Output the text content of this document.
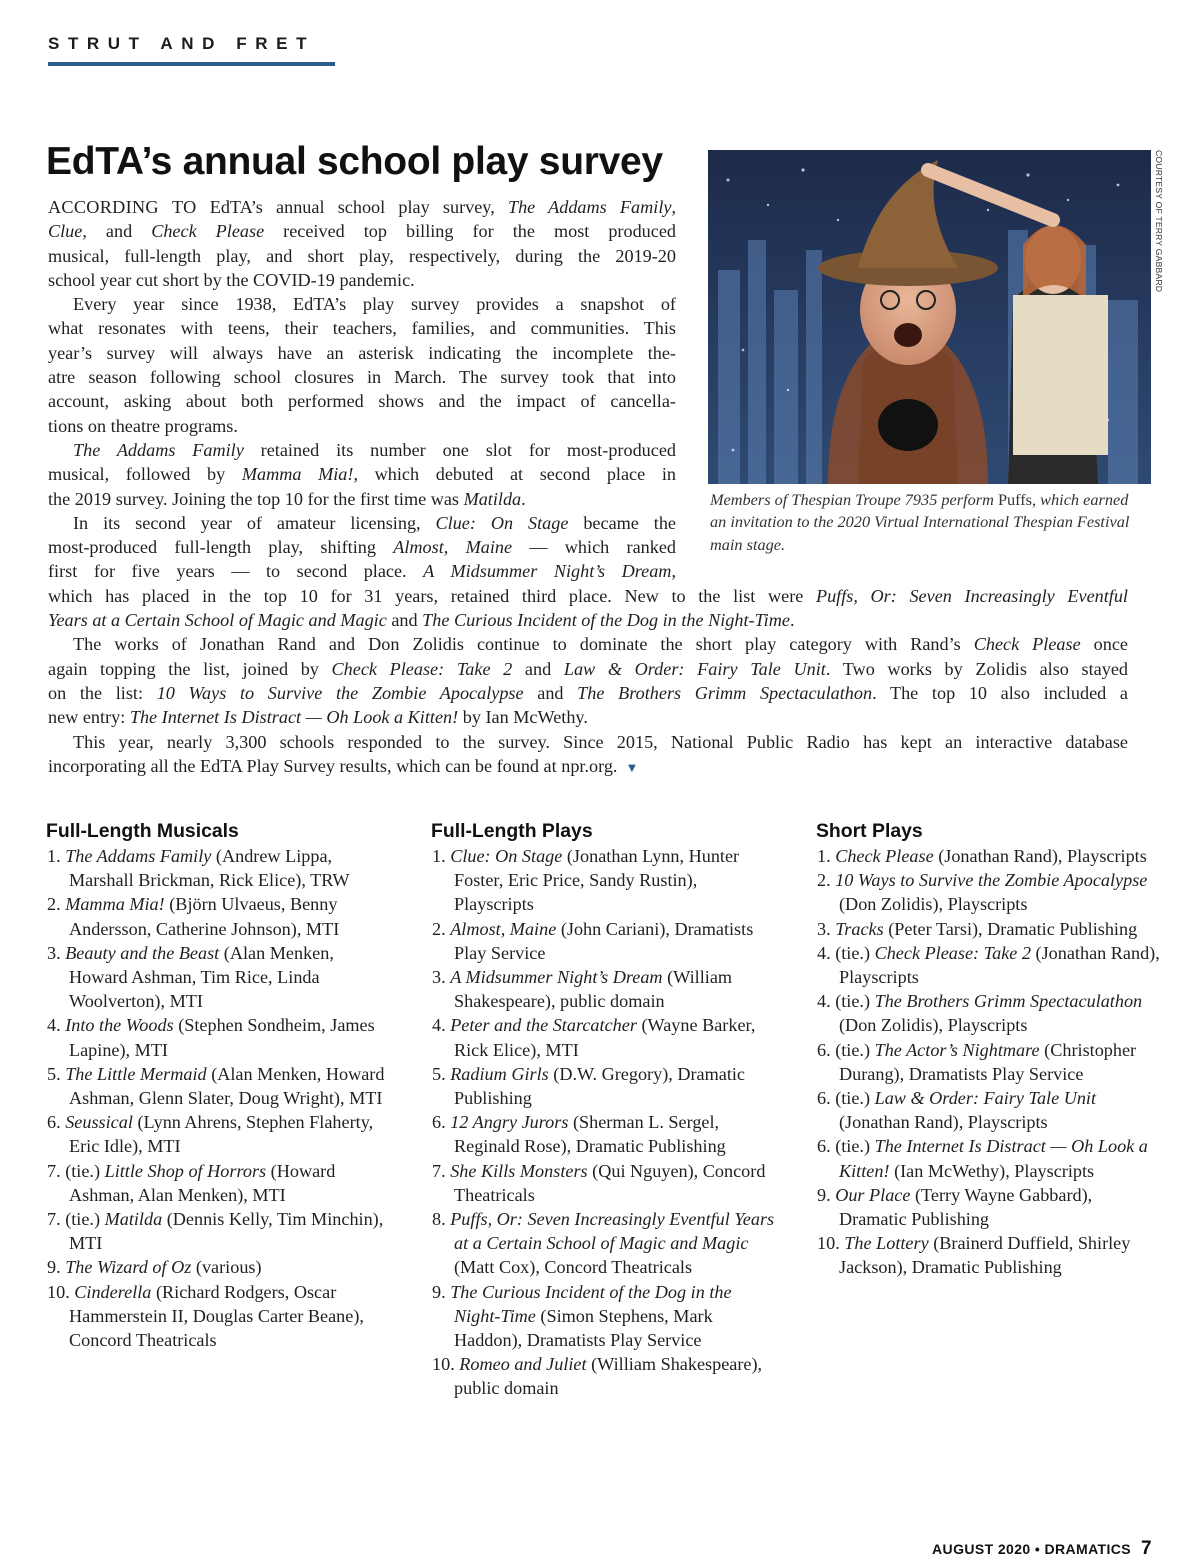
STRUT AND FRET
EdTA’s annual school play survey	COURTESY OF TERRY GABBARD
Members of Thespian Troupe 7935 perform Puffs, which earned an invitation to the 2020 Virtual International Thespian Festival main stage.
ACCORDING TO EdTA’s annual school play survey, The Addams Family,
Clue, and Check Please received top billing for the most produced
musical, full-length play, and short play, respectively, during the 2019-20
school year cut short by the COVID-19 pandemic.
Every year since 1938, EdTA’s play survey provides a snapshot of
what resonates with teens, their teachers, families, and communities. This
year’s survey will always have an asterisk indicating the incomplete the-
atre season following school closures in March. The survey took that into
account, asking about both performed shows and the impact of cancella-
tions on theatre programs.
The Addams Family retained its number one slot for most-produced
musical, followed by Mamma Mia!, which debuted at second place in
the 2019 survey. Joining the top 10 for the first time was Matilda.
In its second year of amateur licensing, Clue: On Stage became the
most-produced full-length play, shifting Almost, Maine — which ranked
first for five years — to second place. A Midsummer Night’s Dream,
which has placed in the top 10 for 31 years, retained third place. New to the list were Puffs, Or: Seven Increasingly Eventful
Years at a Certain School of Magic and Magic and The Curious Incident of the Dog in the Night-Time.
The works of Jonathan Rand and Don Zolidis continue to dominate the short play category with Rand’s Check Please once
again topping the list, joined by Check Please: Take 2 and Law & Order: Fairy Tale Unit. Two works by Zolidis also stayed
on the list: 10 Ways to Survive the Zombie Apocalypse and The Brothers Grimm Spectaculathon. The top 10 also included a
new entry: The Internet Is Distract — Oh Look a Kitten! by Ian McWethy.
This year, nearly 3,300 schools responded to the survey. Since 2015, National Public Radio has kept an interactive database
incorporating all the EdTA Play Survey results, which can be found at npr.org. ▼
Full-Length Musicals
1. The Addams Family (Andrew Lippa, Marshall Brickman, Rick Elice), TRW
2. Mamma Mia! (Björn Ulvaeus, Benny Andersson, Catherine Johnson), MTI
3. Beauty and the Beast (Alan Menken, Howard Ashman, Tim Rice, Linda Woolverton), MTI
4. Into the Woods (Stephen Sondheim, James Lapine), MTI
5. The Little Mermaid (Alan Menken, Howard Ashman, Glenn Slater, Doug Wright), MTI
6. Seussical (Lynn Ahrens, Stephen Flaherty, Eric Idle), MTI
7. (tie.) Little Shop of Horrors (Howard Ashman, Alan Menken), MTI
7. (tie.) Matilda (Dennis Kelly, Tim Minchin), MTI
9. The Wizard of Oz (various)
10. Cinderella (Richard Rodgers, Oscar Hammerstein II, Douglas Carter Beane), Concord Theatricals
Full-Length Plays
1. Clue: On Stage (Jonathan Lynn, Hunter Foster, Eric Price, Sandy Rustin), Playscripts
2. Almost, Maine (John Cariani), Dramatists Play Service
3. A Midsummer Night’s Dream (William Shakespeare), public domain
4. Peter and the Starcatcher (Wayne Barker, Rick Elice), MTI
5. Radium Girls (D.W. Gregory), Dramatic Publishing
6. 12 Angry Jurors (Sherman L. Sergel, Reginald Rose), Dramatic Publishing
7. She Kills Monsters (Qui Nguyen), Concord Theatricals
8. Puffs, Or: Seven Increasingly Eventful Years at a Certain School of Magic and Magic (Matt Cox), Concord Theatricals
9. The Curious Incident of the Dog in the Night-Time (Simon Stephens, Mark Haddon), Dramatists Play Service
10. Romeo and Juliet (William Shakespeare), public domain
Short Plays
1. Check Please (Jonathan Rand), Playscripts
2. 10 Ways to Survive the Zombie Apocalypse (Don Zolidis), Playscripts
3. Tracks (Peter Tarsi), Dramatic Publishing
4. (tie.) Check Please: Take 2 (Jonathan Rand), Playscripts
4. (tie.) The Brothers Grimm Spectaculathon (Don Zolidis), Playscripts
6. (tie.) The Actor’s Nightmare (Christopher Durang), Dramatists Play Service
6. (tie.) Law & Order: Fairy Tale Unit (Jonathan Rand), Playscripts
6. (tie.) The Internet Is Distract — Oh Look a Kitten! (Ian McWethy), Playscripts
9. Our Place (Terry Wayne Gabbard), Dramatic Publishing
10. The Lottery (Brainerd Duffield, Shirley Jackson), Dramatic Publishing
AUGUST 2020 • DRAMATICS 7
